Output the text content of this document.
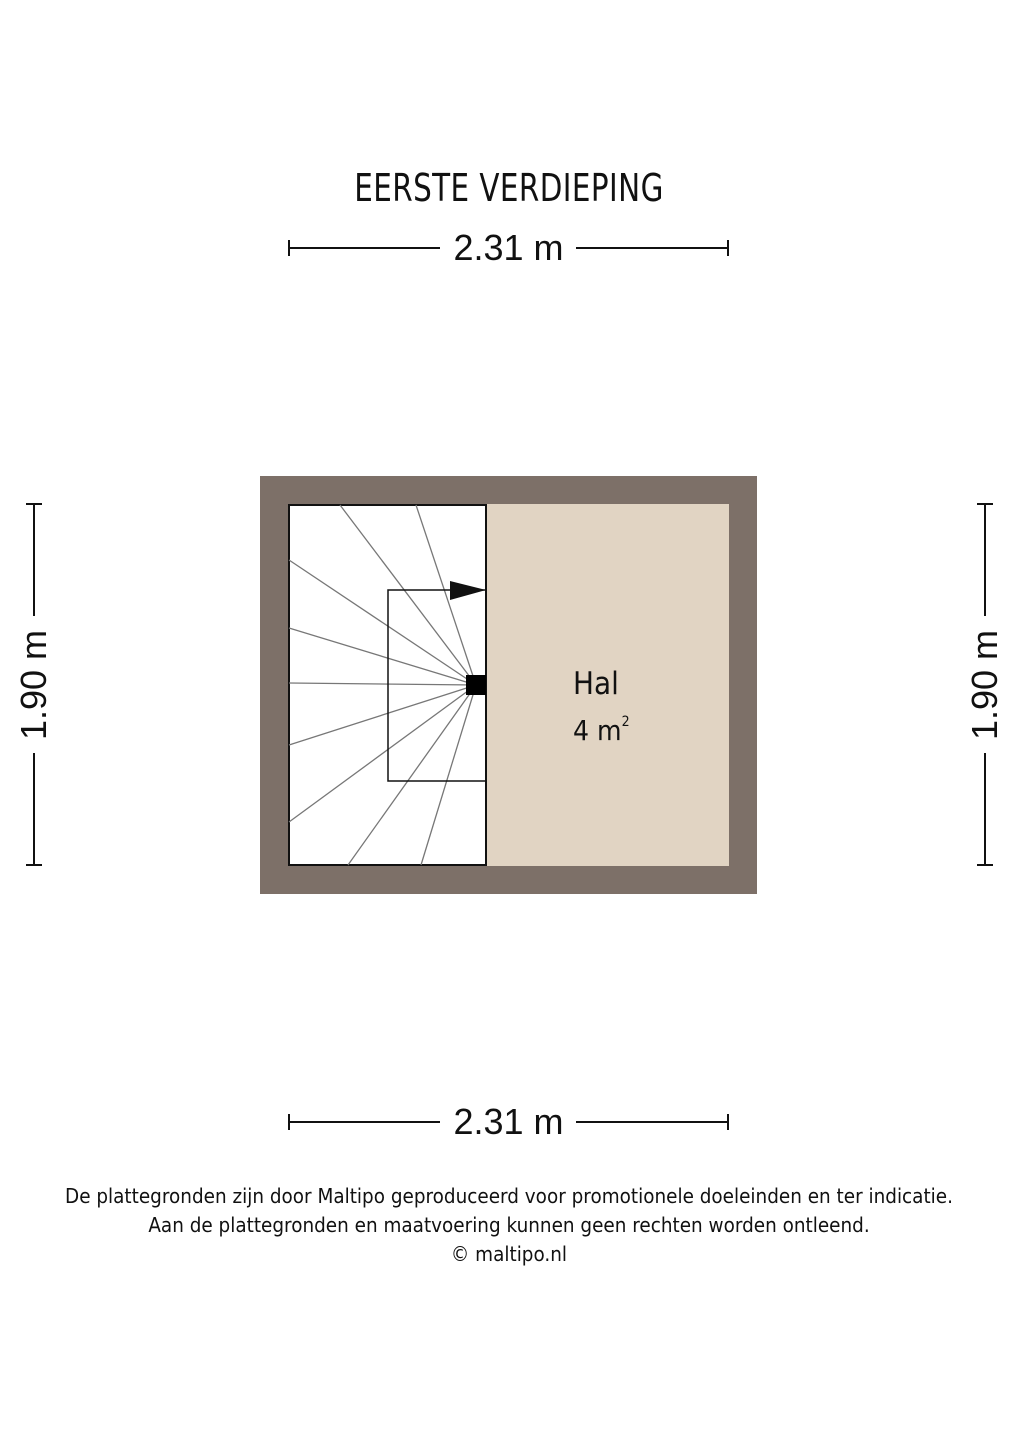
EERSTE VERDIEPING
2.31 m
2.31 m
1.90 m	1.90 m
Hal
4 $m^2$
De plattegronden zijn door Maltipo geproduceerd voor promotionele doeleinden en ter indicatie.
Aan de plattegronden en maatvoering kunnen geen rechten worden ontleend.
© maltipo.nl
